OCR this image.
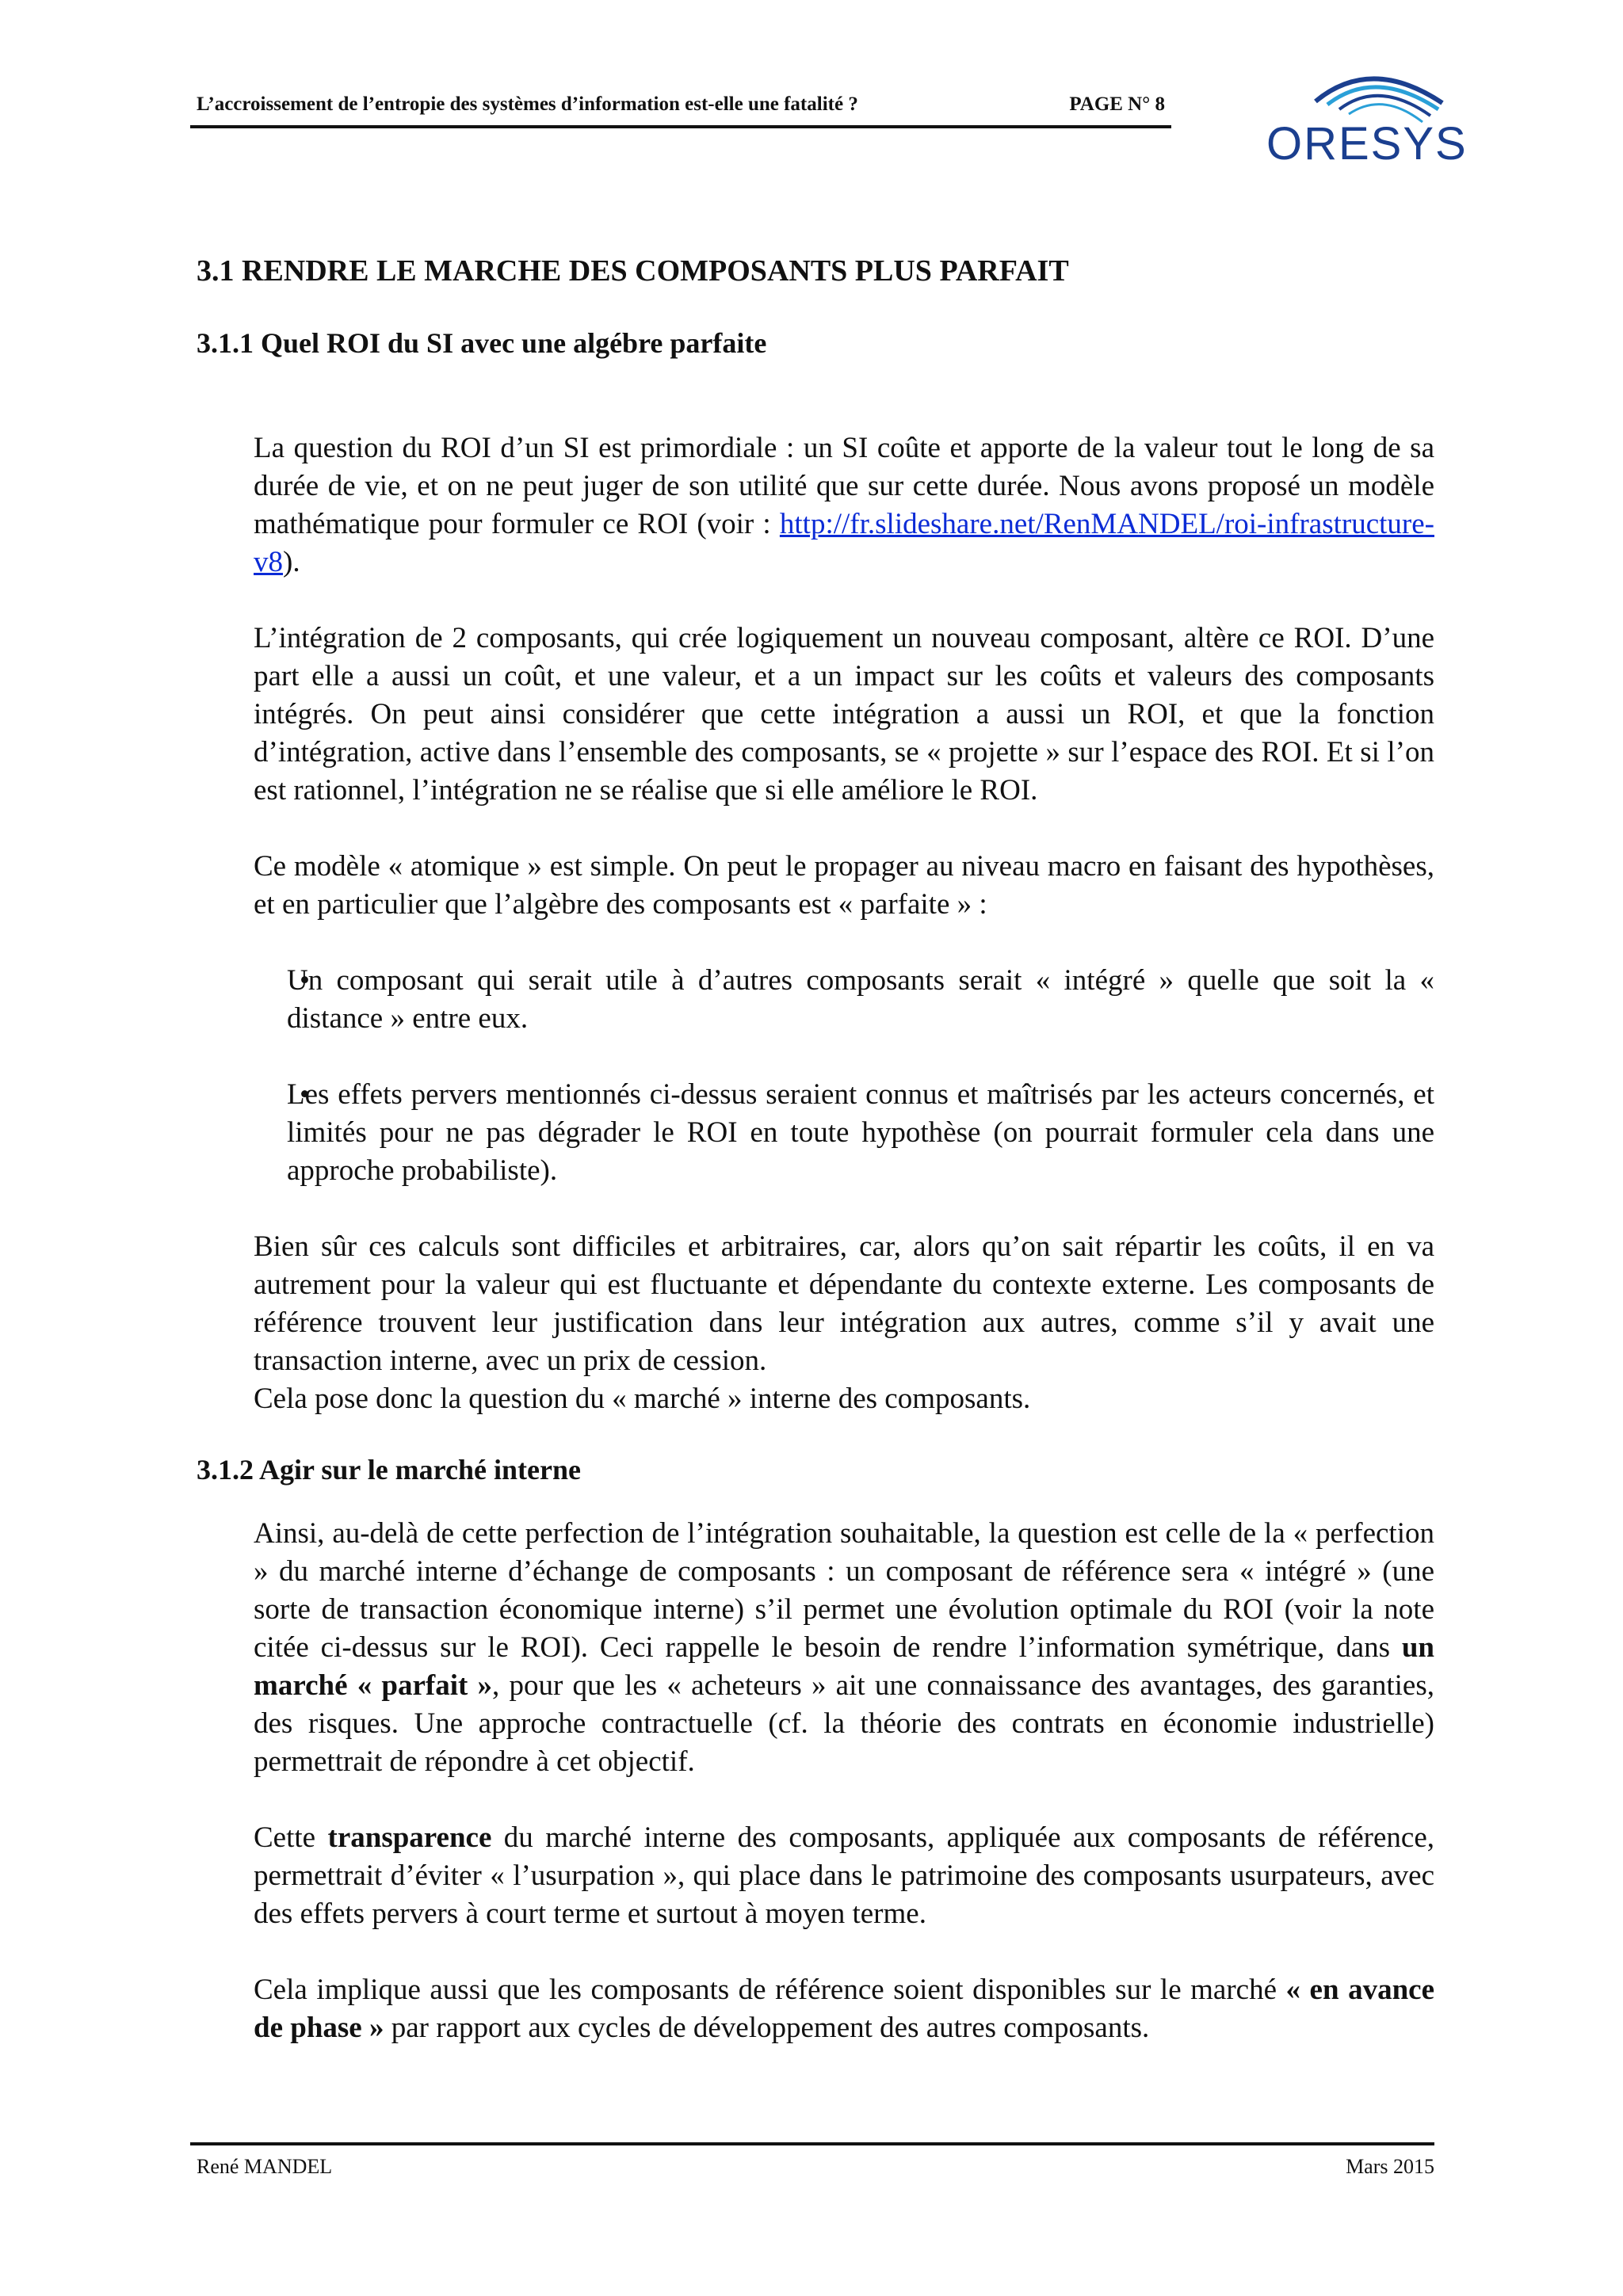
L’accroissement de l’entropie des systèmes d’information est-elle une fatalité ?	PAGE N° 8
ORESYS
3.1 RENDRE LE MARCHE DES COMPOSANTS PLUS PARFAIT
3.1.1 Quel ROI du SI avec une algébre parfaite

La question du ROI d’un SI est primordiale : un SI coûte et apporte de la valeur tout le long de sa durée de vie, et on ne peut juger de son utilité que sur cette durée. Nous avons proposé un modèle mathématique pour formuler ce ROI (voir : http://fr.slideshare.net/RenMANDEL/roi-infrastructure-v8).

L’intégration de 2 composants, qui crée logiquement un nouveau composant, altère ce ROI. D’une part elle a aussi un coût, et une valeur, et a un impact sur les coûts et valeurs des composants intégrés. On peut ainsi considérer que cette intégration a aussi un ROI, et que la fonction d’intégration, active dans l’ensemble des composants, se « projette » sur l’espace des ROI. Et si l’on est rationnel, l’intégration ne se réalise que si elle améliore le ROI.

Ce modèle « atomique » est simple. On peut le propager au niveau macro en faisant des hypothèses, et en particulier que l’algèbre des composants est « parfaite » :

• Un composant qui serait utile à d’autres composants serait « intégré » quelle que soit la « distance » entre eux.
• Les effets pervers mentionnés ci-dessus seraient connus et maîtrisés par les acteurs concernés, et limités pour ne pas dégrader le ROI en toute hypothèse (on pourrait formuler cela dans une approche probabiliste).

Bien sûr ces calculs sont difficiles et arbitraires, car, alors qu’on sait répartir les coûts, il en va autrement pour la valeur qui est fluctuante et dépendante du contexte externe. Les composants de référence trouvent leur justification dans leur intégration aux autres, comme s’il y avait une transaction interne, avec un prix de cession.

Cela pose donc la question du « marché » interne des composants.

3.1.2 Agir sur le marché interne

Ainsi, au-delà de cette perfection de l’intégration souhaitable, la question est celle de la « perfection » du marché interne d’échange de composants : un composant de référence sera « intégré » (une sorte de transaction économique interne) s’il permet une évolution optimale du ROI (voir la note citée ci-dessus sur le ROI). Ceci rappelle le besoin de rendre l’information symétrique, dans un marché « parfait », pour que les « acheteurs » ait une connaissance des avantages, des garanties, des risques. Une approche contractuelle (cf. la théorie des contrats en économie industrielle) permettrait de répondre à cet objectif.

Cette transparence du marché interne des composants, appliquée aux composants de référence, permettrait d’éviter « l’usurpation », qui place dans le patrimoine des composants usurpateurs, avec des effets pervers à court terme et surtout à moyen terme.

Cela implique aussi que les composants de référence soient disponibles sur le marché « en avance de phase » par rapport aux cycles de développement des autres composants.

René MANDEL	Mars 2015
